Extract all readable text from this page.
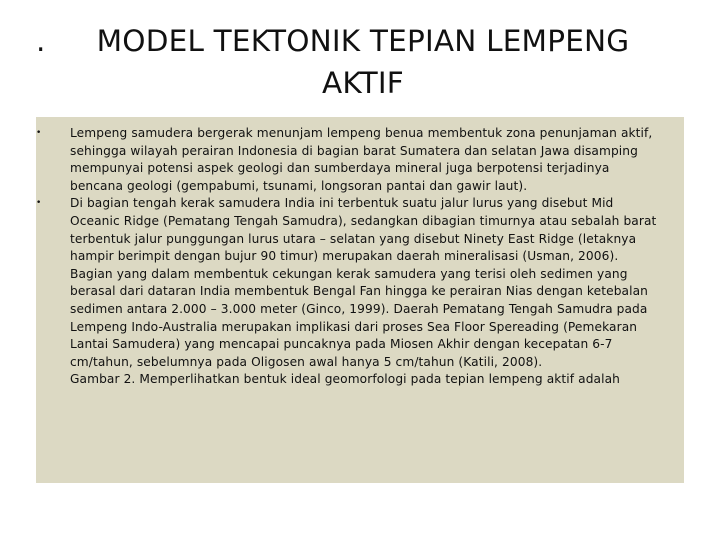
. MODEL TEKTONIK TEPIAN LEMPENG
AKTIF
• Lempeng samudera bergerak menunjam lempeng benua membentuk zona penunjaman aktif,
sehingga wilayah perairan Indonesia di bagian barat Sumatera dan selatan Jawa disamping
mempunyai potensi aspek geologi dan sumberdaya mineral juga berpotensi terjadinya
bencana geologi (gempabumi, tsunami, longsoran pantai dan gawir laut).
• Di bagian tengah kerak samudera India ini terbentuk suatu jalur lurus yang disebut Mid
Oceanic Ridge (Pematang Tengah Samudra), sedangkan dibagian timurnya atau sebalah barat
terbentuk jalur punggungan lurus utara – selatan yang disebut Ninety East Ridge (letaknya
hampir berimpit dengan bujur 90 timur) merupakan daerah mineralisasi (Usman, 2006).
Bagian yang dalam membentuk cekungan kerak samudera yang terisi oleh sedimen yang
berasal dari dataran India membentuk Bengal Fan hingga ke perairan Nias dengan ketebalan
sedimen antara 2.000 – 3.000 meter (Ginco, 1999). Daerah Pematang Tengah Samudra pada
Lempeng Indo-Australia merupakan implikasi dari proses Sea Floor Spereading (Pemekaran
Lantai Samudera) yang mencapai puncaknya pada Miosen Akhir dengan kecepatan 6-7
cm/tahun, sebelumnya pada Oligosen awal hanya 5 cm/tahun (Katili, 2008).
Gambar 2. Memperlihatkan bentuk ideal geomorfologi pada tepian lempeng aktif adalah
